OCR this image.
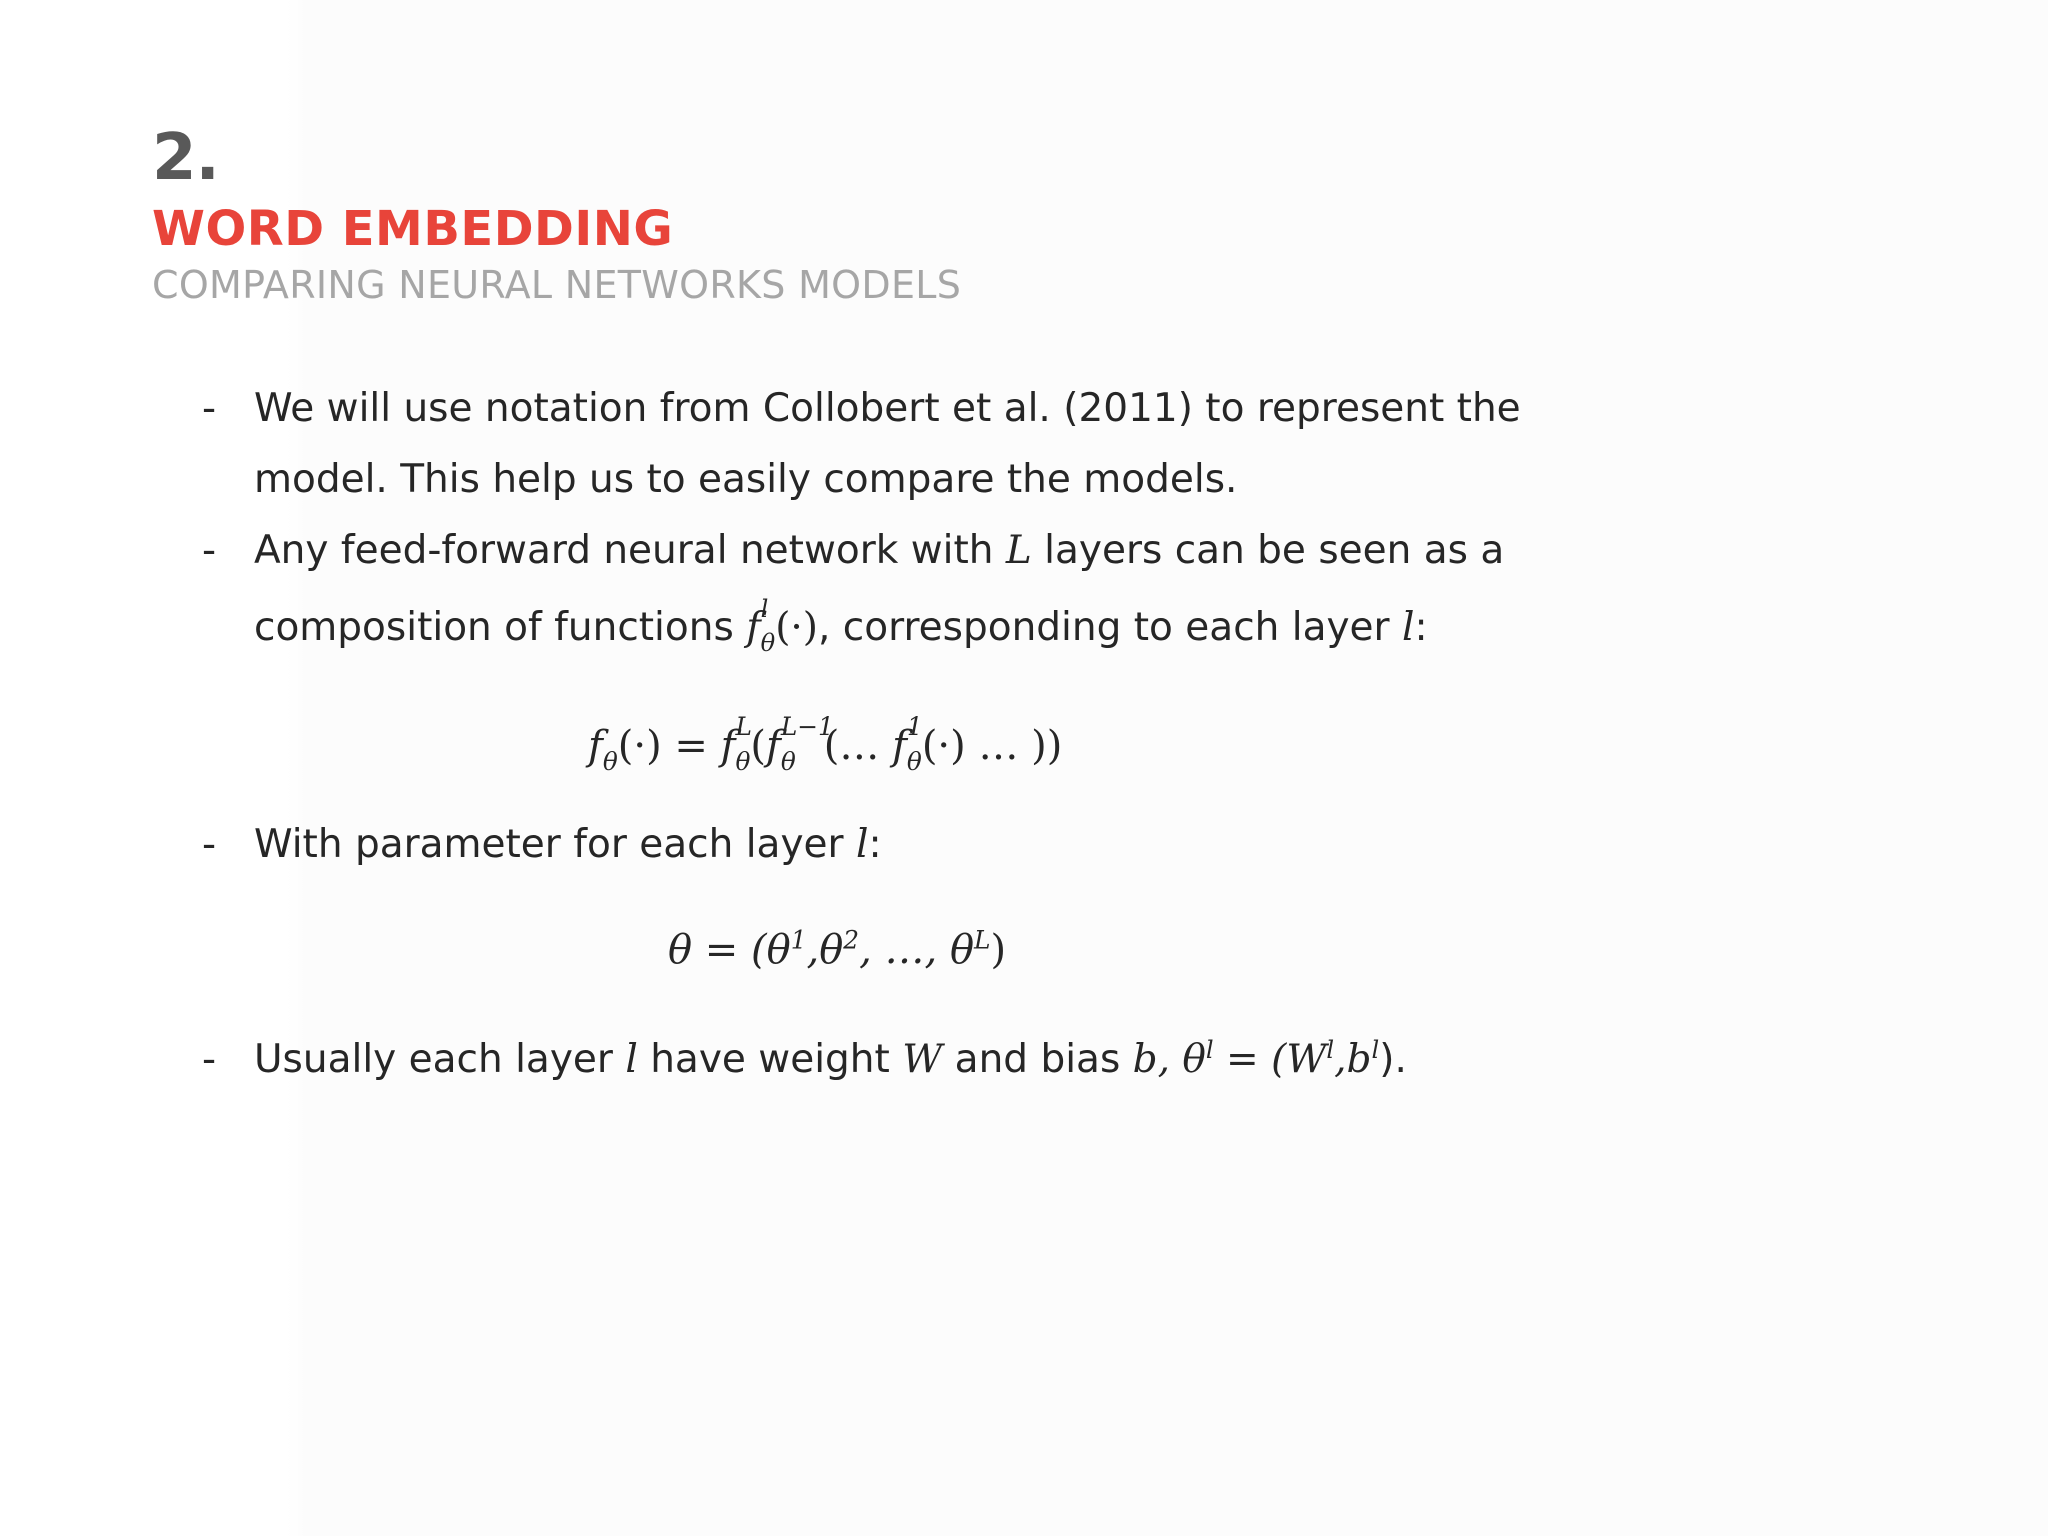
2.
WORD EMBEDDING
COMPARING NEURAL NETWORKS MODELS
- We will use notation from Collobert et al. (2011) to represent the
model. This help us to easily compare the models.
- Any feed-forward neural network with L layers can be seen as a
composition of functions f l
θ(·), corresponding to each layer l:
fθ(·) = f L
θ(f L−1
θ (… f 1
θ(·) … ))
- With parameter for each layer l:
$\theta = (\theta^1,\theta^2$, …, $\theta^L$)
- Usually each layer l have weight W and bias b, $\theta^l = (W^l,b^l)$.
